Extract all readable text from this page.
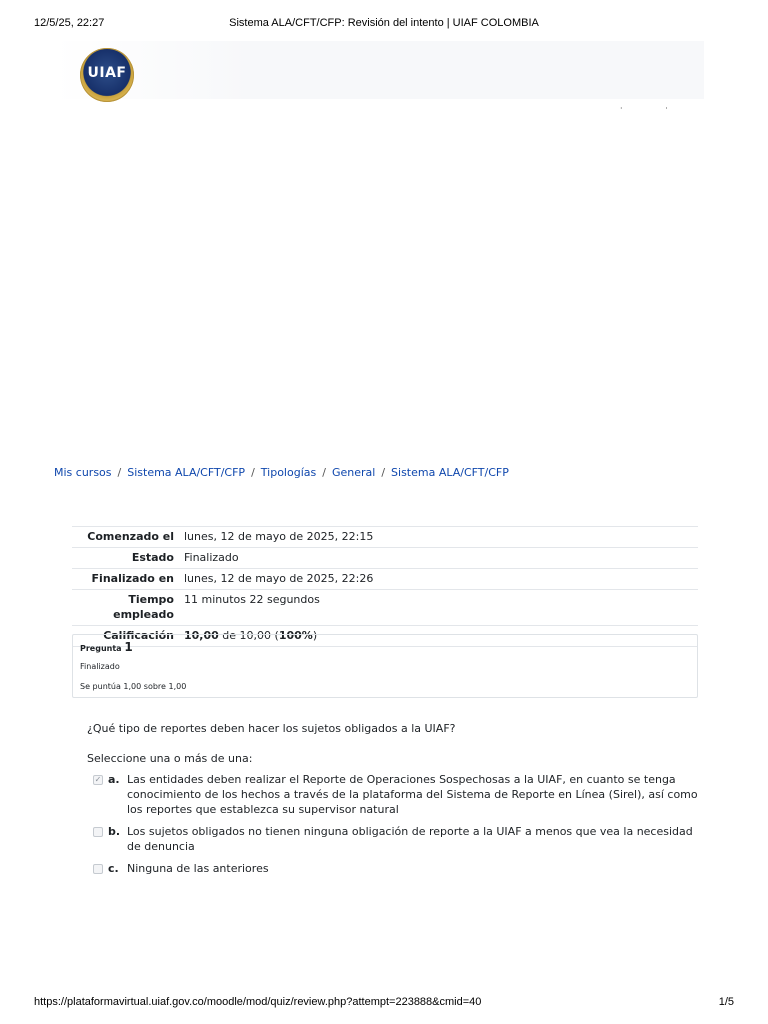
12/5/25, 22:27	Sistema ALA/CFT/CFP: Revisión del intento | UIAF COLOMBIA
UIAF
· ·
Mis cursos / Sistema ALA/CFT/CFP / Tipologías / General / Sistema ALA/CFT/CFP
Comenzado el lunes, 12 de mayo de 2025, 22:15
Estado Finalizado
Finalizado en lunes, 12 de mayo de 2025, 22:26
Tiempo empleado
11 minutos 22 segundos
Calificación 10,00 de 10,00 (100%)
Pregunta 1
Finalizado
Se puntúa 1,00 sobre 1,00

¿Qué tipo de reportes deben hacer los sujetos obligados a la UIAF?

Seleccione una o más de una:

✓ a. Las entidades deben realizar el Reporte de Operaciones Sospechosas a la UIAF, en cuanto se tenga conocimiento de los hechos a través de la plataforma del Sistema de Reporte en Línea (Sirel), así como los reportes que establezca su supervisor natural
b. Los sujetos obligados no tienen ninguna obligación de reporte a la UIAF a menos que vea la necesidad de denuncia
c. Ninguna de las anteriores
https://plataformavirtual.uiaf.gov.co/moodle/mod/quiz/review.php?attempt=223888&cmid=40	1/5
